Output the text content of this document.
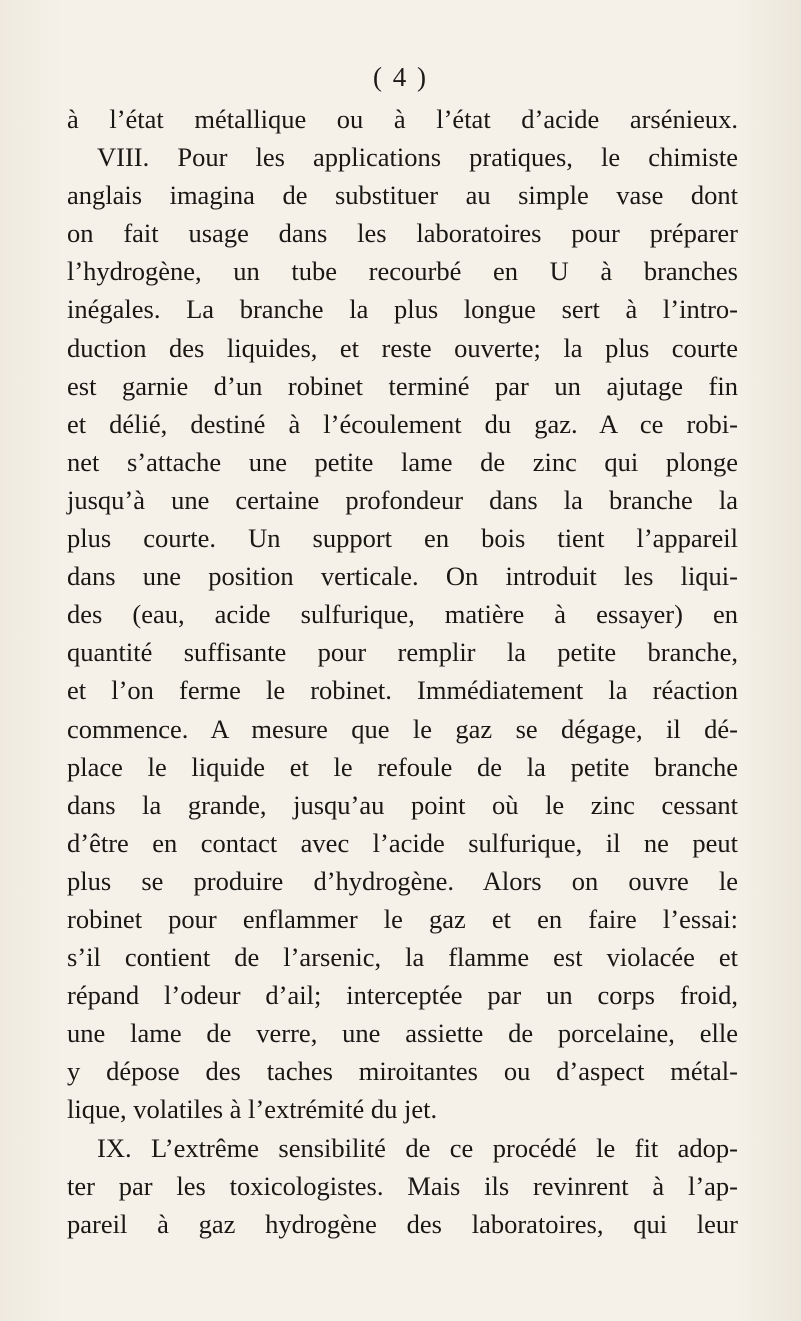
( 4 )
à l’état métallique ou à l’état d’acide arsénieux.
VIII. Pour les applications pratiques, le chimiste
anglais imagina de substituer au simple vase dont
on fait usage dans les laboratoires pour préparer
l’hydrogène, un tube recourbé en U à branches
inégales. La branche la plus longue sert à l’intro-
duction des liquides, et reste ouverte; la plus courte
est garnie d’un robinet terminé par un ajutage fin
et délié, destiné à l’écoulement du gaz. A ce robi-
net s’attache une petite lame de zinc qui plonge
jusqu’à une certaine profondeur dans la branche la
plus courte. Un support en bois tient l’appareil
dans une position verticale. On introduit les liqui-
des (eau, acide sulfurique, matière à essayer) en
quantité suffisante pour remplir la petite branche,
et l’on ferme le robinet. Immédiatement la réaction
commence. A mesure que le gaz se dégage, il dé-
place le liquide et le refoule de la petite branche
dans la grande, jusqu’au point où le zinc cessant
d’être en contact avec l’acide sulfurique, il ne peut
plus se produire d’hydrogène. Alors on ouvre le
robinet pour enflammer le gaz et en faire l’essai:
s’il contient de l’arsenic, la flamme est violacée et
répand l’odeur d’ail; interceptée par un corps froid,
une lame de verre, une assiette de porcelaine, elle
y dépose des taches miroitantes ou d’aspect métal-
lique, volatiles à l’extrémité du jet.
IX. L’extrême sensibilité de ce procédé le fit adop-
ter par les toxicologistes. Mais ils revinrent à l’ap-
pareil à gaz hydrogène des laboratoires, qui leur
